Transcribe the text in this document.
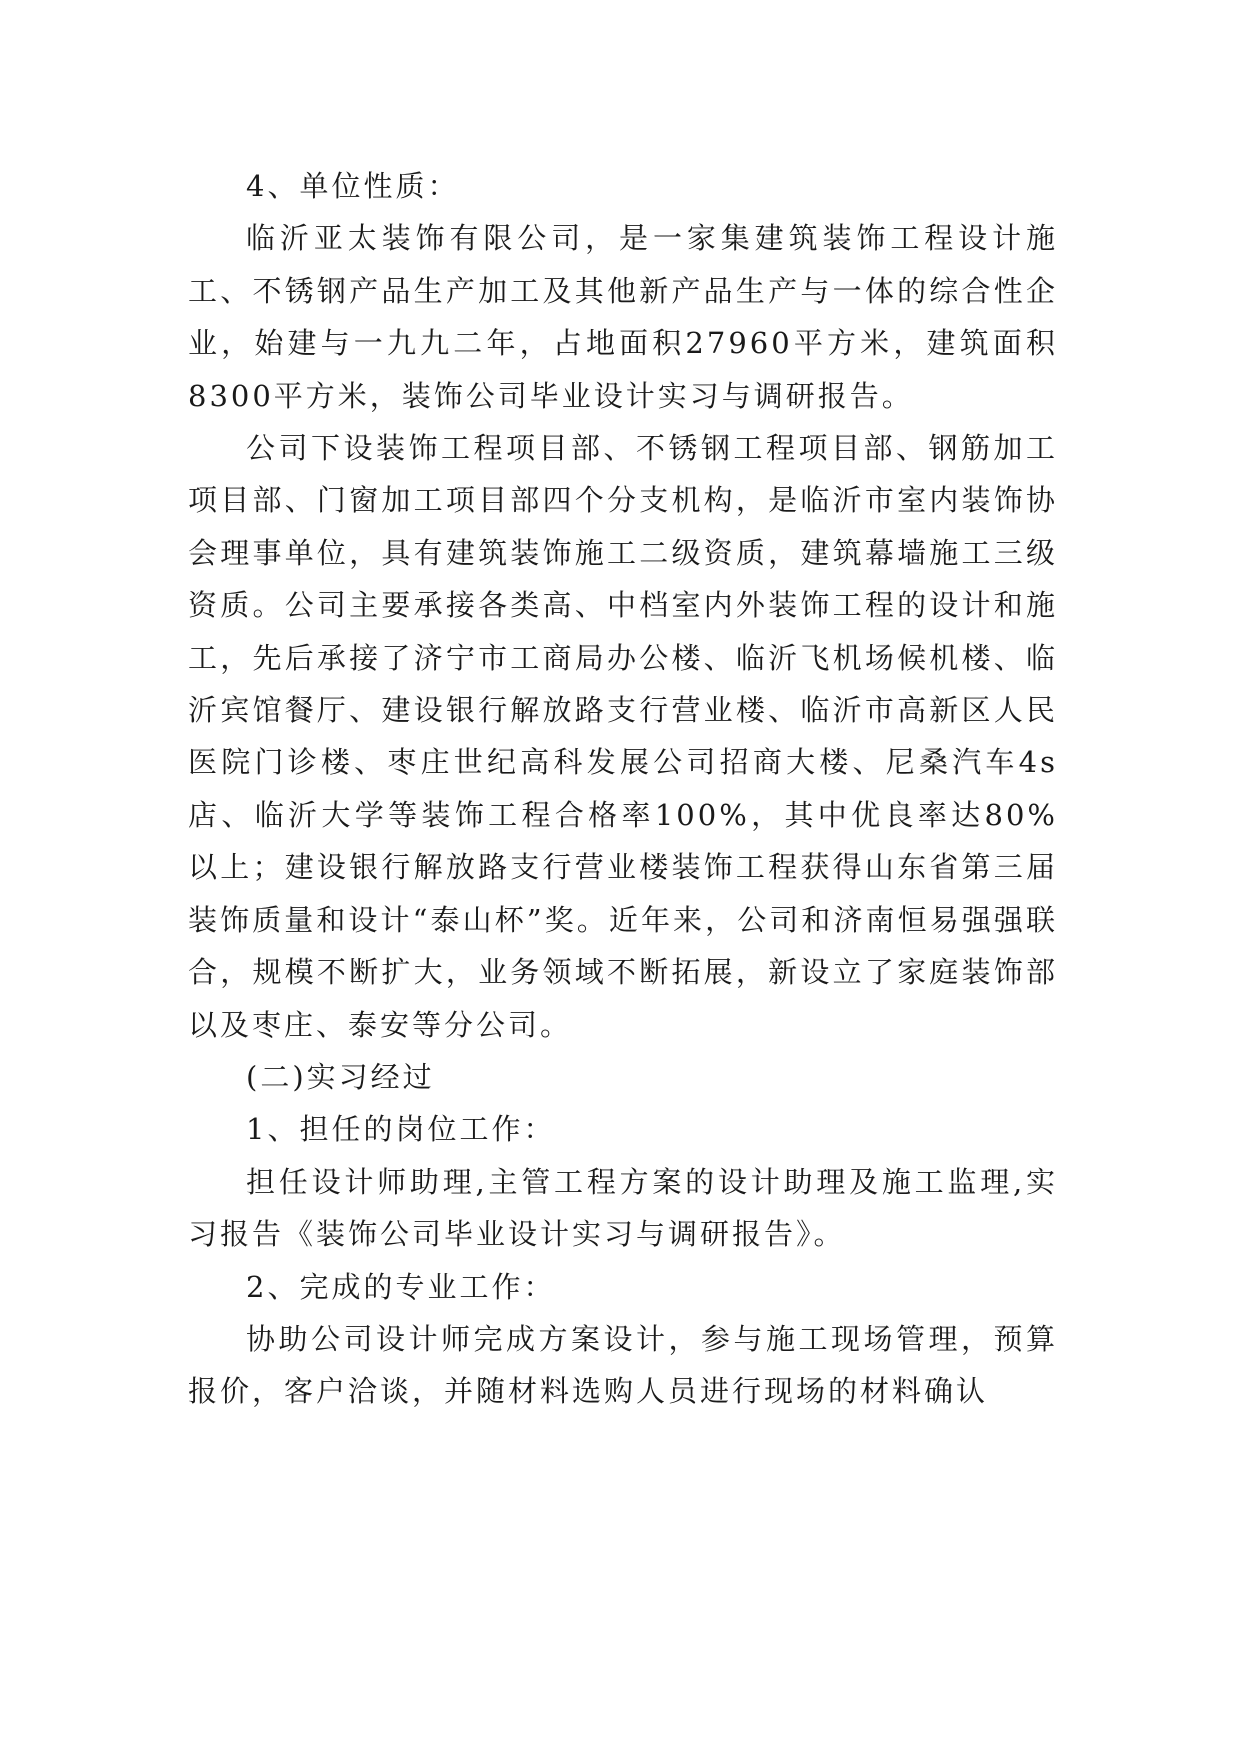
4、单位性质：

临沂亚太装饰有限公司，是一家集建筑装饰工程设计施工、不锈钢产品生产加工及其他新产品生产与一体的综合性企业，始建与一九九二年，占地面积27960平方米，建筑面积8300平方米，装饰公司毕业设计实习与调研报告。

公司下设装饰工程项目部、不锈钢工程项目部、钢筋加工项目部、门窗加工项目部四个分支机构，是临沂市室内装饰协会理事单位，具有建筑装饰施工二级资质，建筑幕墙施工三级资质。公司主要承接各类高、中档室内外装饰工程的设计和施工，先后承接了济宁市工商局办公楼、临沂飞机场候机楼、临沂宾馆餐厅、建设银行解放路支行营业楼、临沂市高新区人民医院门诊楼、枣庄世纪高科发展公司招商大楼、尼桑汽车4s店、临沂大学等装饰工程合格率100%，其中优良率达80%以上；建设银行解放路支行营业楼装饰工程获得山东省第三届装饰质量和设计“泰山杯”奖。近年来，公司和济南恒易强强联合，规模不断扩大，业务领域不断拓展，新设立了家庭装饰部以及枣庄、泰安等分公司。

(二)实习经过

1、担任的岗位工作：

担任设计师助理,主管工程方案的设计助理及施工监理,实习报告《装饰公司毕业设计实习与调研报告》。

2、完成的专业工作：

协助公司设计师完成方案设计，参与施工现场管理，预算报价，客户洽谈，并随材料选购人员进行现场的材料确认
